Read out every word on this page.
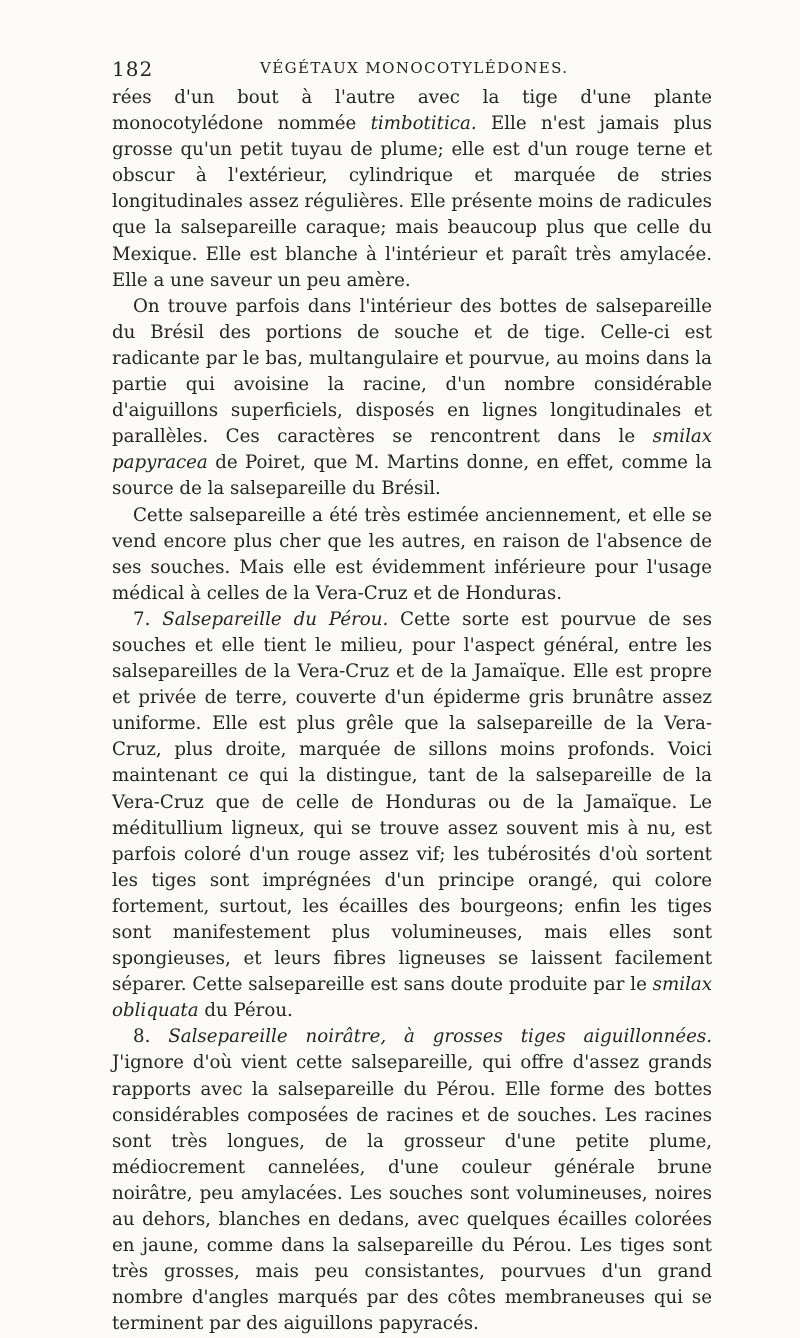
182	VÉGÉTAUX MONOCOTYLÉDONES.

rées d'un bout à l'autre avec la tige d'une plante monocotylédone nommée timbotitica. Elle n'est jamais plus grosse qu'un petit tuyau de plume; elle est d'un rouge terne et obscur à l'extérieur, cylindrique et marquée de stries longitudinales assez régulières. Elle présente moins de radicules que la salsepareille caraque; mais beaucoup plus que celle du Mexique. Elle est blanche à l'intérieur et paraît très amylacée. Elle a une saveur un peu amère.

On trouve parfois dans l'intérieur des bottes de salsepareille du Brésil des portions de souche et de tige. Celle-ci est radicante par le bas, multangulaire et pourvue, au moins dans la partie qui avoisine la racine, d'un nombre considérable d'aiguillons superficiels, disposés en lignes longitudinales et parallèles. Ces caractères se rencontrent dans le smilax papyracea de Poiret, que M. Martins donne, en effet, comme la source de la salsepareille du Brésil.

Cette salsepareille a été très estimée anciennement, et elle se vend encore plus cher que les autres, en raison de l'absence de ses souches. Mais elle est évidemment inférieure pour l'usage médical à celles de la Vera-Cruz et de Honduras.

7. Salsepareille du Pérou. Cette sorte est pourvue de ses souches et elle tient le milieu, pour l'aspect général, entre les salsepareilles de la Vera-Cruz et de la Jamaïque. Elle est propre et privée de terre, couverte d'un épiderme gris brunâtre assez uniforme. Elle est plus grêle que la salsepareille de la Vera-Cruz, plus droite, marquée de sillons moins profonds. Voici maintenant ce qui la distingue, tant de la salsepareille de la Vera-Cruz que de celle de Honduras ou de la Jamaïque. Le méditullium ligneux, qui se trouve assez souvent mis à nu, est parfois coloré d'un rouge assez vif; les tubérosités d'où sortent les tiges sont imprégnées d'un principe orangé, qui colore fortement, surtout, les écailles des bourgeons; enfin les tiges sont manifestement plus volumineuses, mais elles sont spongieuses, et leurs fibres ligneuses se laissent facilement séparer. Cette salsepareille est sans doute produite par le smilax obliquata du Pérou.

8. Salsepareille noirâtre, à grosses tiges aiguillonnées. J'ignore d'où vient cette salsepareille, qui offre d'assez grands rapports avec la salsepareille du Pérou. Elle forme des bottes considérables composées de racines et de souches. Les racines sont très longues, de la grosseur d'une petite plume, médiocrement cannelées, d'une couleur générale brune noirâtre, peu amylacées. Les souches sont volumineuses, noires au dehors, blanches en dedans, avec quelques écailles colorées en jaune, comme dans la salsepareille du Pérou. Les tiges sont très grosses, mais peu consistantes, pourvues d'un grand nombre d'angles marqués par des côtes membraneuses qui se terminent par des aiguillons papyracés.
